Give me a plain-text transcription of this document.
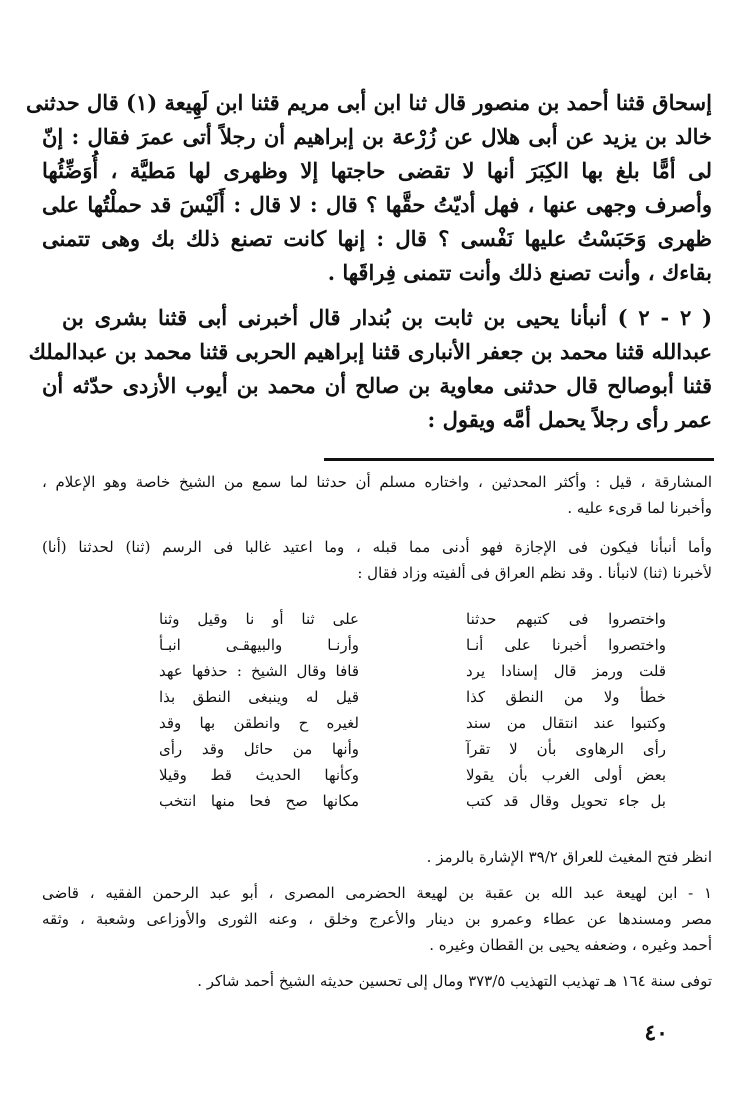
إسحاق قثنا أحمد بن منصور قال ثنا ابن أبى مريم قثنا ابن لَهِيعة (١) قال حدثنى
خالد بن يزيد عن أبى هلال عن زُرْعة بن إبراهيم أن رجلاً أتى عمرَ فقال : إنّ
لى أمًّا بلغ بها الكِبَرَ أنها لا تقضى حاجتها إلا وظهرى لها مَطيَّة ، أُوَضِّئُها
وأصرف وجهى عنها ، فهل أديّتُ حقَّها ؟ قال : لا قال : أَلَيْسَ قد حملْتُها على
ظهرى وَحَبَسْتُ عليها نَفْسى ؟ قال : إنها كانت تصنع ذلك بك وهى تتمنى
بقاءك ، وأنت تصنع ذلك وأنت تتمنى فِراقَها .
( ٢ - ٢ ) أنبأنا يحيى بن ثابت بن بُندار قال أخبرنى أبى قثنا بشرى بن
عبدالله قثنا محمد بن جعفر الأنبارى قثنا إبراهيم الحربى قثنا محمد بن عبدالملك
قثنا أبوصالح قال حدثنى معاوية بن صالح أن محمد بن أيوب الأزدى حدّثه أن
عمر رأى رجلاً يحمل أمَّه ويقول :
المشارقة ، قيل : وأكثر المحدثين ، واختاره مسلم أن حدثنا لما سمع من الشيخ خاصة وهو الإعلام ،
وأخبرنا لما قرىء عليه .
وأما أنبأنا فيكون فى الإجازة فهو أدنى مما قبله ، وما اعتيد غالبا فى الرسم (ثنا) لحدثنا (أنا)
لأخبرنا (ثنا) لانبأنا . وقد نظم العراق فى ألفيته وزاد فقال :
واختصروا فى كتبهم حدثنا
على ثنا أو نا وقيل وثنا
واختصروا أخبرنا على أنـا
وأرنـا والبيهقـى انبـأ
قلت ورمز قال إسنادا يرد
قافا وقال الشيخ : حذفها عهد
خطأ ولا من النطق كذا
قيل له وينبغى النطق بذا
وكتبوا عند انتقال من سند
لغيره ح وانطقن بها وقد
رأى الرهاوى بأن لا تقرآ
وأنها من حائل وقد رأى
بعض أولى الغرب بأن يقولا
وكأنها الحديث قط وقيلا
بل جاء تحويل وقال قد كتب
مكانها صح فحا منها انتخب
انظر فتح المغيث للعراق ٣٩/٢ الإشارة بالرمز .
١ - ابن لهيعة عبد الله بن عقبة بن لهيعة الحضرمى المصرى ، أبو عبد الرحمن الفقيه ، قاضى
مصر ومسندها عن عطاء وعمرو بن دينار والأعرج وخلق ، وعنه الثورى والأوزاعى وشعبة ، وثقه
أحمد وغيره ، وضعفه يحيى بن القطان وغيره .
توفى سنة ١٦٤ هـ تهذيب التهذيب ٣٧٣/٥ ومال إلى تحسين حديثه الشيخ أحمد شاكر .
٤٠
